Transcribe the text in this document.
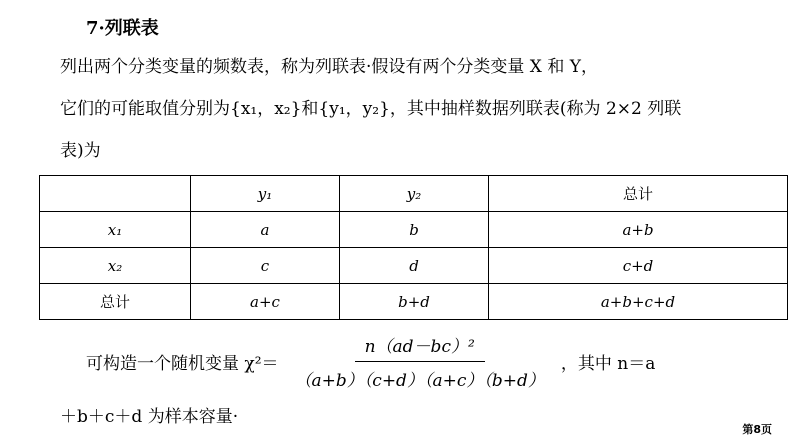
7·列联表
列出两个分类变量的频数表，称为列联表·假设有两个分类变量 X 和 Y，
它们的可能取值分别为{x₁，x₂}和{y₁，y₂}，其中抽样数据列联表(称为 2×2 列联
表)为
	y₁	y₂	总计
x₁	a	b	a+b
x₂	c	d	c+d
总计	a+c	b+d	a+b+c+d
可构造一个随机变量 $\chi^2= \frac{\text{n（ad－bc）²}}{(a+b)(c+d)(a+c)(b+d)}$ ，其中 n＝a
＋b＋c＋d 为样本容量·
第8页
